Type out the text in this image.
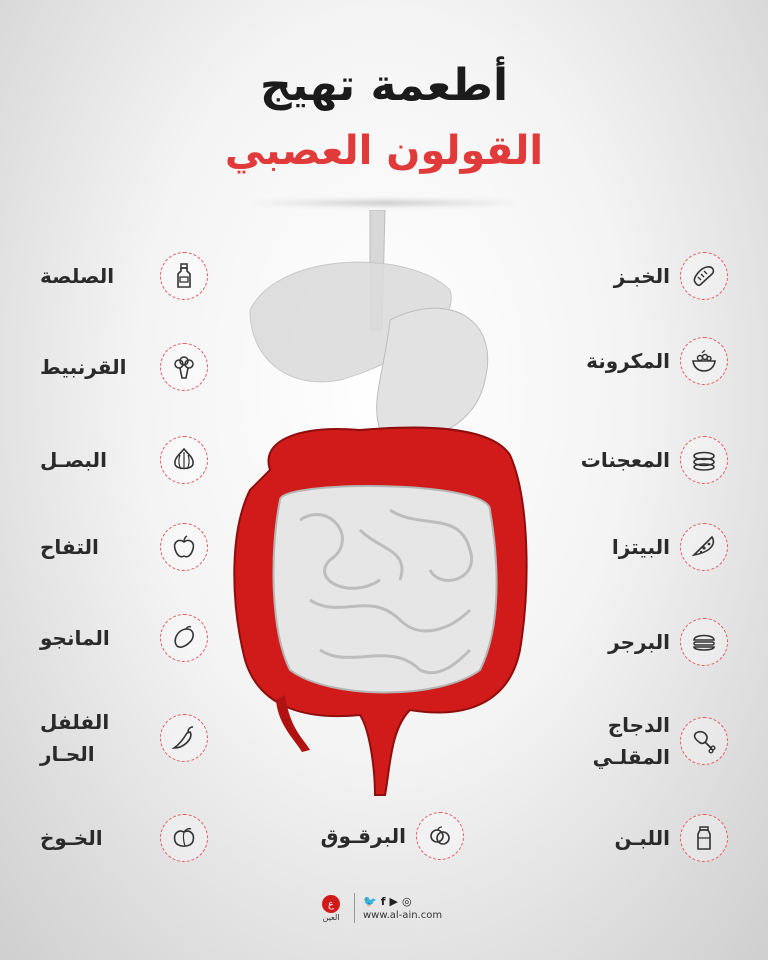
أطعمة تهيج
القولون العصبي
الخبـز
المكرونة
المعجنات
البيتزا
البرجر
الدجاج
المقلـي
اللبـن
الصلصة
القرنبيط
البصـل
التفاح
المانجو
الفلفل
الحـار
الخـوخ	البرقـوق
ع
العين
🐦 f ▶ ◎
www.al-ain.com
